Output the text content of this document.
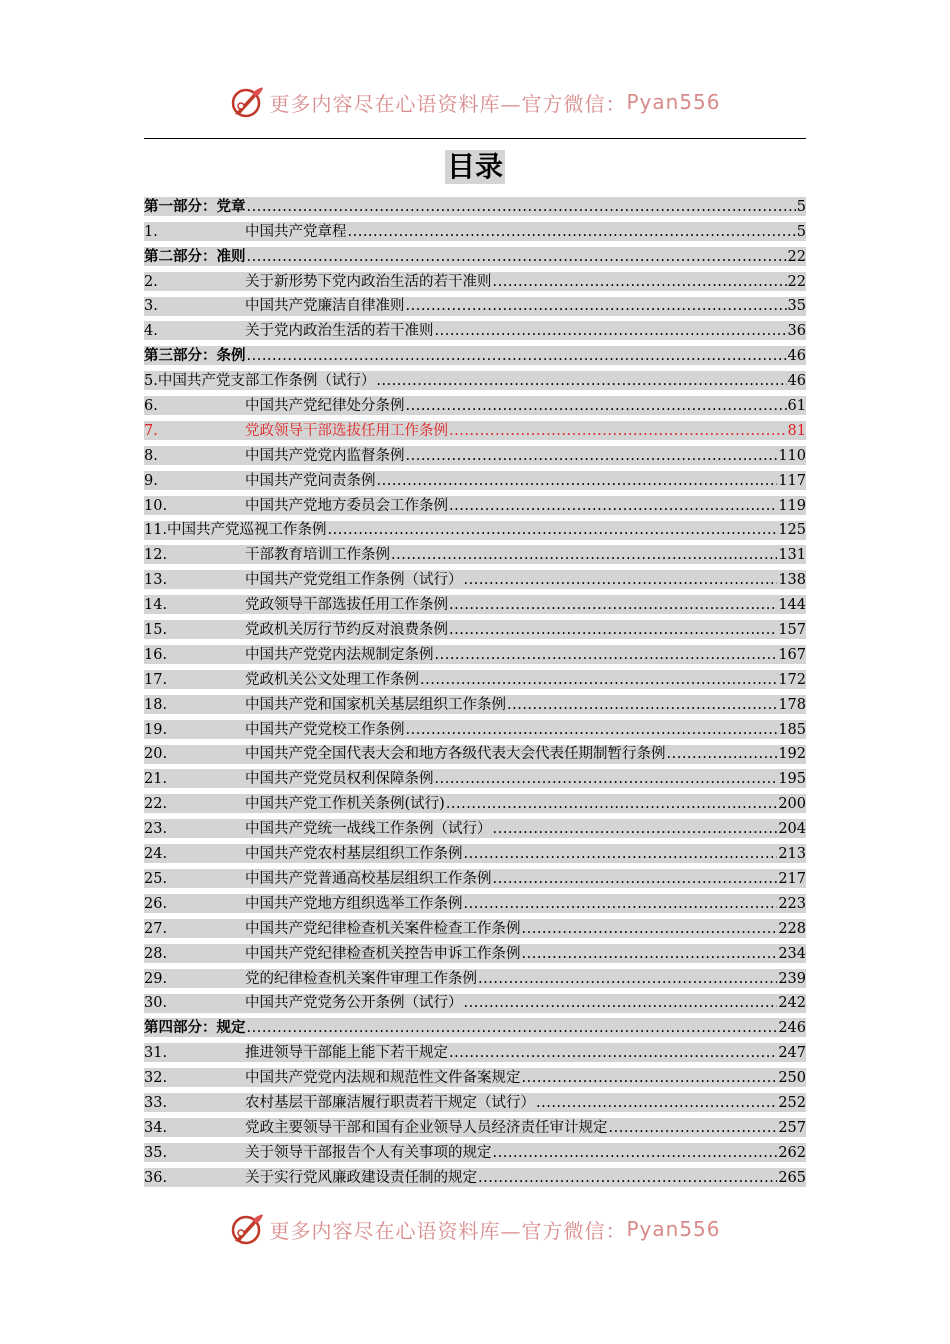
更多内容尽在心语资料库—官方微信： Pyan556
目录
第一部分：党章 .....	5
1.	中国共产党章程 .....	5
第二部分：准则 .....	22
2.	关于新形势下党内政治生活的若干准则 .....	22
3.	中国共产党廉洁自律准则 .....	35
4.	关于党内政治生活的若干准则 .....	36
第三部分：条例 .....	46
5.中国共产党支部工作条例（试行） .....	46
6.	中国共产党纪律处分条例 .....	61
7.	党政领导干部选拔任用工作条例 .....	81
8.	中国共产党党内监督条例 .....	110
9.	中国共产党问责条例 .....	117
10.	中国共产党地方委员会工作条例 .....	119
11.中国共产党巡视工作条例 .....	125
12.	干部教育培训工作条例 .....	131
13.	中国共产党党组工作条例（试行） .....	138
14.	党政领导干部选拔任用工作条例 .....	144
15.	党政机关厉行节约反对浪费条例 .....	157
16.	中国共产党党内法规制定条例 .....	167
17.	党政机关公文处理工作条例 .....	172
18.	中国共产党和国家机关基层组织工作条例 .....	178
19.	中国共产党党校工作条例 .....	185
20.	中国共产党全国代表大会和地方各级代表大会代表任期制暂行条例 .....	192
21.	中国共产党党员权利保障条例 .....	195
22.	中国共产党工作机关条例(试行) .....	200
23.	中国共产党统一战线工作条例（试行） .....	204
24.	中国共产党农村基层组织工作条例 .....	213
25.	中国共产党普通高校基层组织工作条例 .....	217
26.	中国共产党地方组织选举工作条例 .....	223
27.	中国共产党纪律检查机关案件检查工作条例 .....	228
28.	中国共产党纪律检查机关控告申诉工作条例 .....	234
29.	党的纪律检查机关案件审理工作条例 .....	239
30.	中国共产党党务公开条例（试行） .....	242
第四部分：规定 .....	246
31.	推进领导干部能上能下若干规定 .....	247
32.	中国共产党党内法规和规范性文件备案规定 .....	250
33.	农村基层干部廉洁履行职责若干规定（试行） .....	252
34.	党政主要领导干部和国有企业领导人员经济责任审计规定 .....	257
35.	关于领导干部报告个人有关事项的规定 .....	262
36.	关于实行党风廉政建设责任制的规定 .....	265
更多内容尽在心语资料库—官方微信： Pyan556
